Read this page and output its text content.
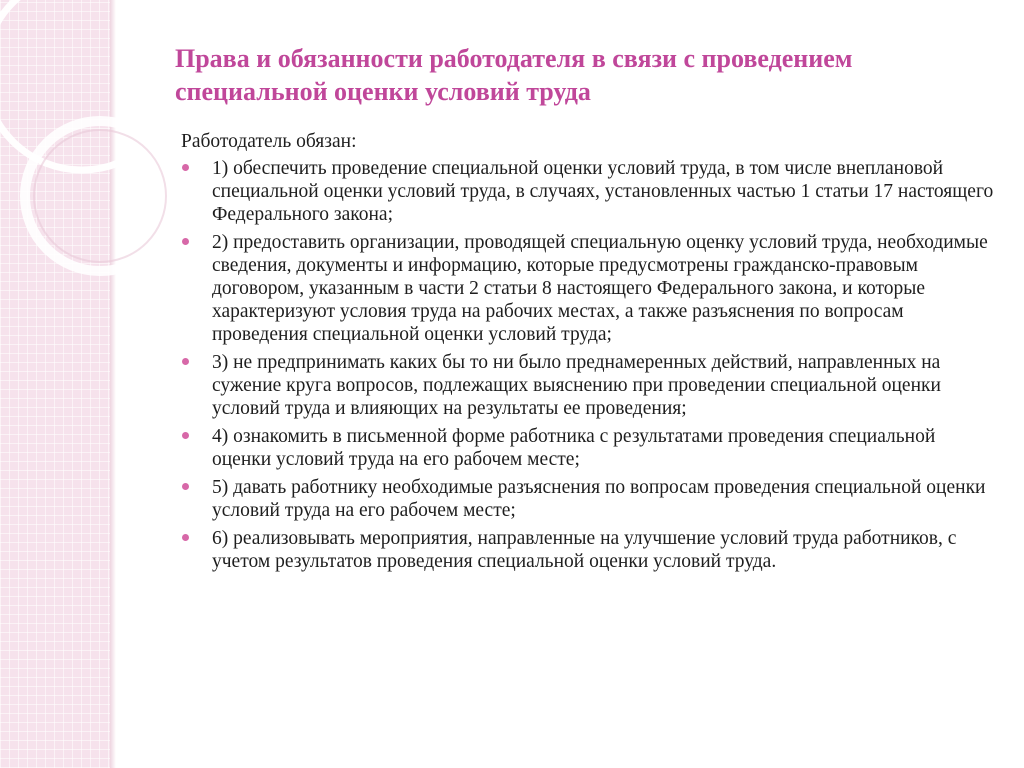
Права и обязанности работодателя в связи с проведением специальной оценки условий труда

Работодатель обязан:

1) обеспечить проведение специальной оценки условий труда, в том числе внеплановой специальной оценки условий труда, в случаях, установленных частью 1 статьи 17 настоящего Федерального закона;
2) предоставить организации, проводящей специальную оценку условий труда, необходимые сведения, документы и информацию, которые предусмотрены гражданско-правовым договором, указанным в части 2 статьи 8 настоящего Федерального закона, и которые характеризуют условия труда на рабочих местах, а также разъяснения по вопросам проведения специальной оценки условий труда;
3) не предпринимать каких бы то ни было преднамеренных действий, направленных на сужение круга вопросов, подлежащих выяснению при проведении специальной оценки условий труда и влияющих на результаты ее проведения;
4) ознакомить в письменной форме работника с результатами проведения специальной оценки условий труда на его рабочем месте;
5) давать работнику необходимые разъяснения по вопросам проведения специальной оценки условий труда на его рабочем месте;
6) реализовывать мероприятия, направленные на улучшение условий труда работников, с учетом результатов проведения специальной оценки условий труда.
